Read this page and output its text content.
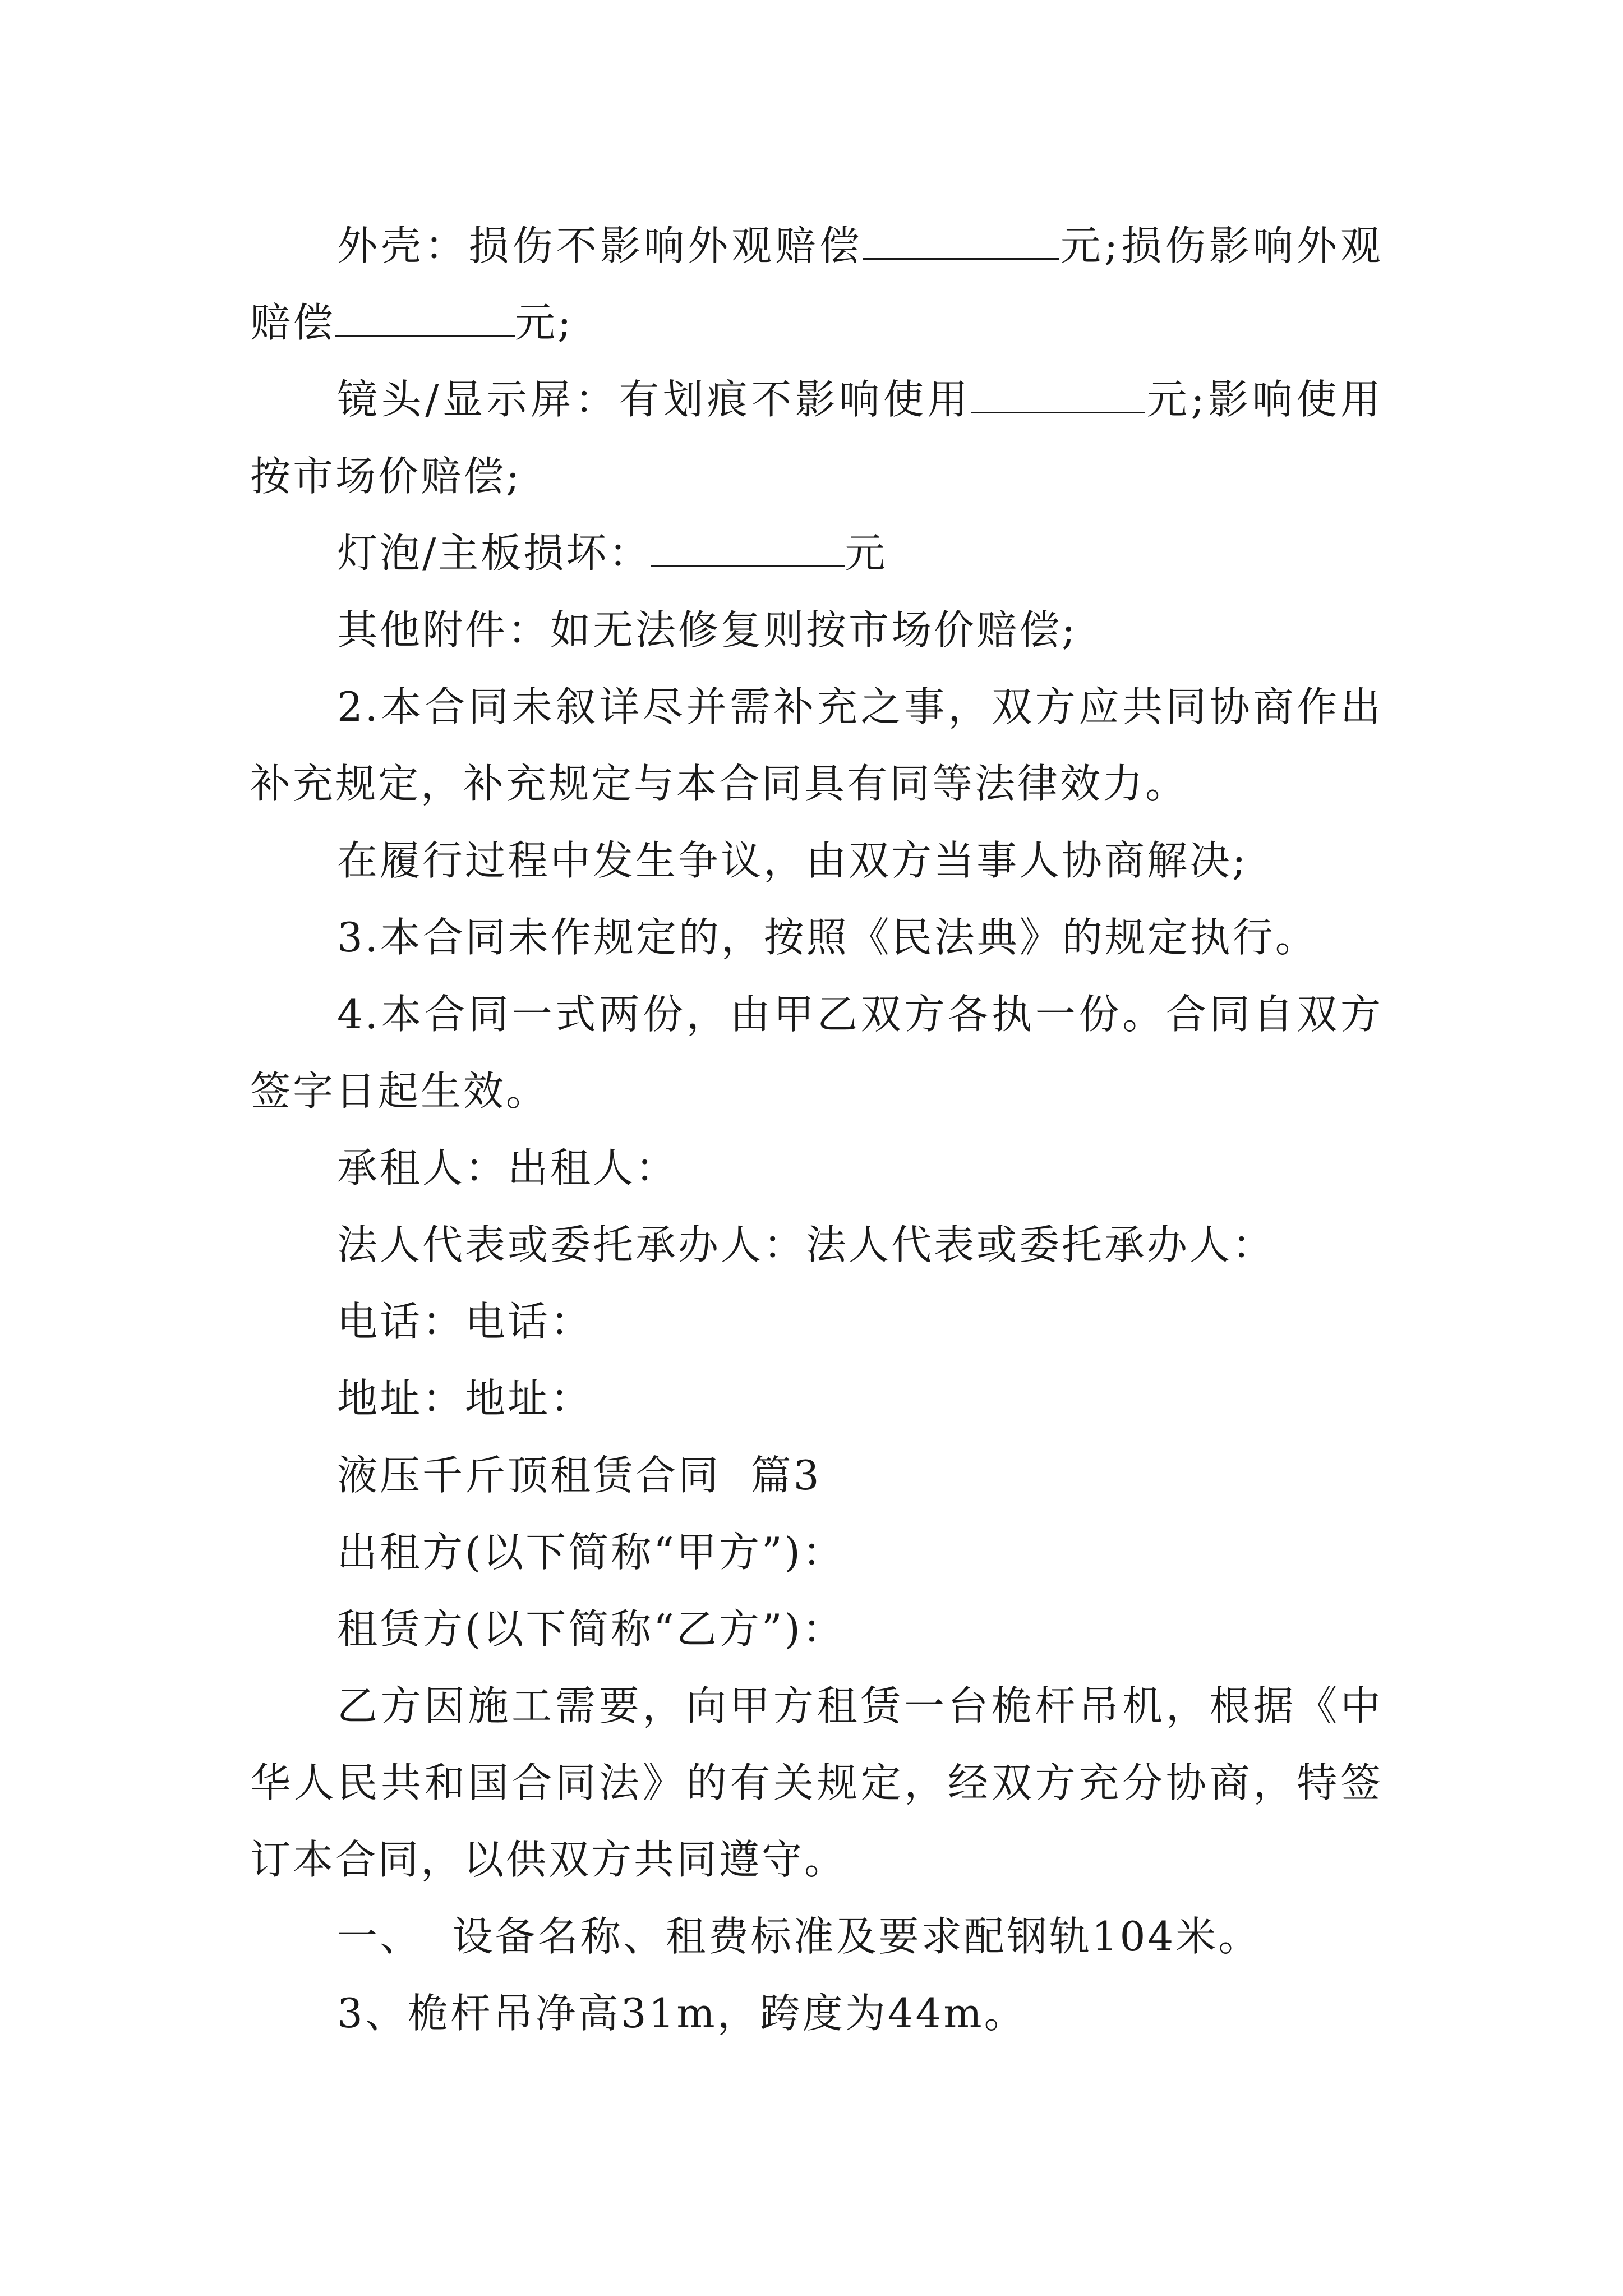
外壳：损伤不影响外观赔偿	元;损伤影响外观赔偿	元;

镜头/显示屏：有划痕不影响使用	元;影响使用按市场价赔偿;

灯泡/主板损坏：	元

其他附件：如无法修复则按市场价赔偿;

2.本合同未叙详尽并需补充之事，双方应共同协商作出补充规定，补充规定与本合同具有同等法律效力。

在履行过程中发生争议，由双方当事人协商解决;

3.本合同未作规定的，按照《民法典》的规定执行。

4.本合同一式两份，由甲乙双方各执一份。合同自双方签字日起生效。

承租人：出租人：

法人代表或委托承办人：法人代表或委托承办人：

电话：电话：

地址：地址：

液压千斤顶租赁合同  篇3

出租方(以下简称“甲方”)：

租赁方(以下简称“乙方”)：

乙方因施工需要，向甲方租赁一台桅杆吊机，根据《中华人民共和国合同法》的有关规定，经双方充分协商，特签订本合同，以供双方共同遵守。

一、  设备名称、租费标准及要求配钢轨104米。

3、桅杆吊净高31m，跨度为44m。
